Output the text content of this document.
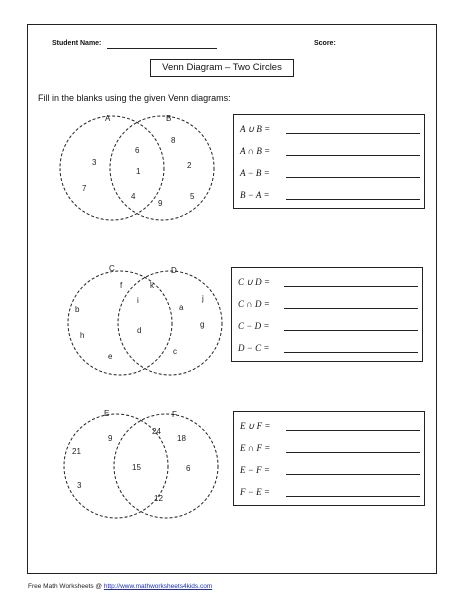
Student Name:	Score:
Venn Diagram – Two Circles
Fill in the blanks using the given Venn diagrams:
A	B
3
7
6
1
4
8
2
5
9
C	D
b
h
e
f	k
i
d
a
j
g
c
E	F
21
3
9
24
15
12
18
6
A ∪ B =
A ∩ B =
A − B =
B − A =
C ∪ D =
C ∩ D =
C − D =
D − C =
E ∪ F =
E ∩ F =
E − F =
F − E =
Free Math Worksheets @ http://www.mathworksheets4kids.com
